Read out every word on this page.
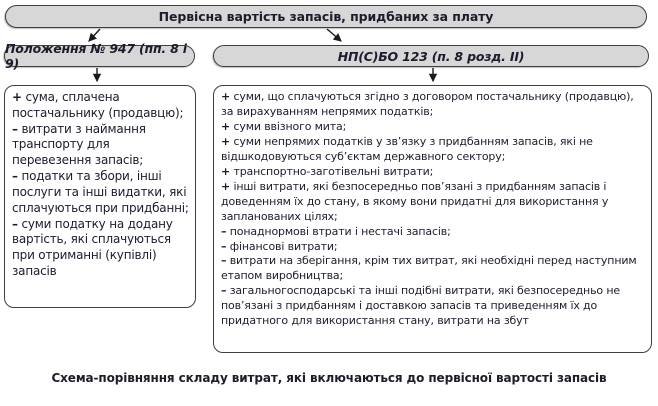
Первісна вартість запасів, придбаних за плату
Положення № 947 (пп. 8 і 9)	НП(С)БО 123 (п. 8 розд. ІІ)
+ сума, сплачена постачальнику (продавцю);
– витрати з наймання транспорту для перевезення запасів;
– податки та збори, інші послуги та інші видатки, які сплачуються при придбанні;
– суми податку на додану вартість, які сплачуються при отриманні (купівлі) запасів
+ суми, що сплачуються згідно з договором постачальнику (продавцю), за вирахуванням непрямих податків;
+ суми ввізного мита;
+ суми непрямих податків у зв’язку з придбанням запасів, які не відшкодовуються суб’єктам державного сектору;
+ транспортно-заготівельні витрати;
+ інші витрати, які безпосередньо пов’язані з придбанням запасів і доведенням їх до стану, в якому вони придатні для використання у запланованих цілях;
– понаднормові втрати і нестачі запасів;
– фінансові витрати;
– витрати на зберігання, крім тих витрат, які необхідні перед наступним етапом виробництва;
– загальногосподарські та інші подібні витрати, які безпосередньо не пов’язані з придбанням і доставкою запасів та приведенням їх до придатного для використання стану, витрати на збут
Схема-порівняння складу витрат, які включаються до первісної вартості запасів
